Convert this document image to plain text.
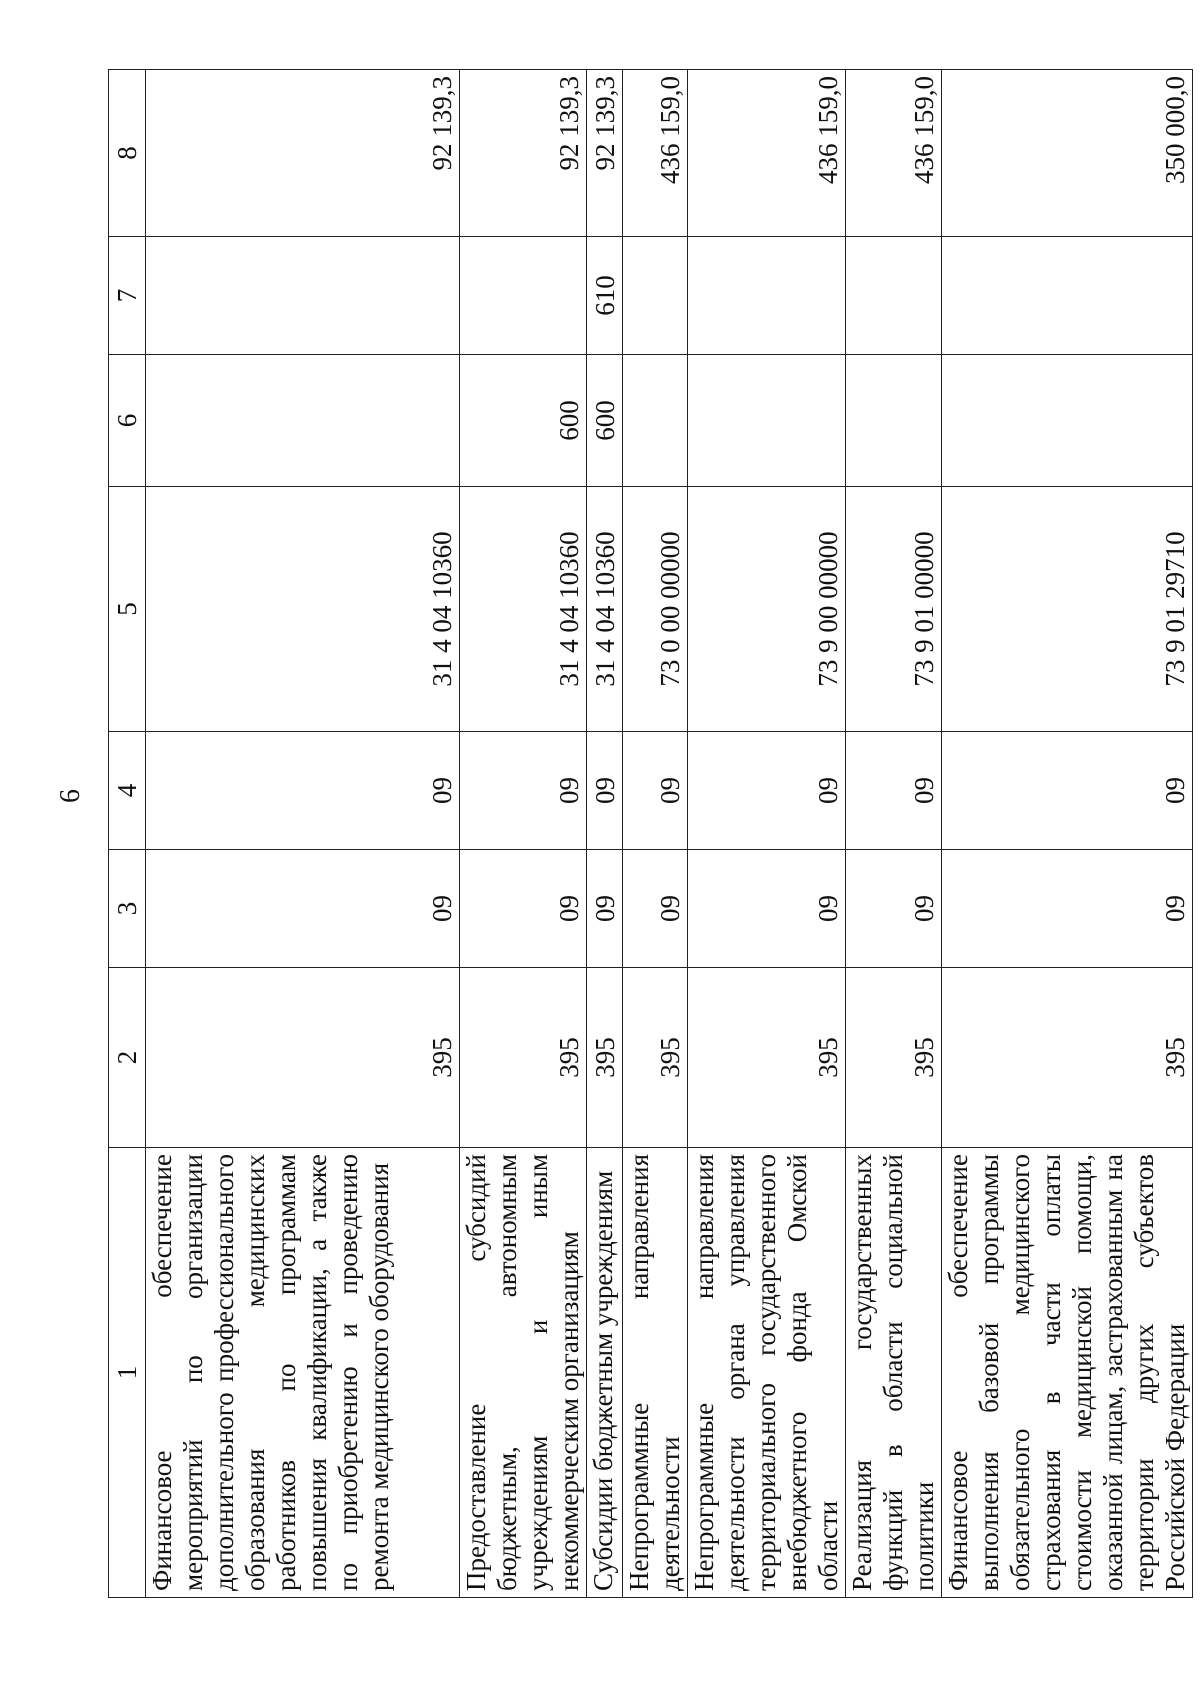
6
1	2	3	4	5	6	7	8
Финансовое обеспечение мероприятий по организации дополнительного профессионального образования медицинских работников по программам повышения квалификации, а также по приобретению и проведению ремонта медицинского оборудования	395	09	09	31 4 04 10360			92 139,3
Предоставление субсидий бюджетным, автономным учреждениям и иным некоммерческим организациям	395	09	09	31 4 04 10360	600		92 139,3
Субсидии бюджетным учреждениям	395	09	09	31 4 04 10360	600	610	92 139,3
Непрограммные направления деятельности	395	09	09	73 0 00 00000			436 159,0
Непрограммные направления деятельности органа управления территориального государственного внебюджетного фонда Омской области	395	09	09	73 9 00 00000			436 159,0
Реализация государственных функций в области социальной политики	395	09	09	73 9 01 00000			436 159,0
Финансовое обеспечение выполнения базовой программы обязательного медицинского страхования в части оплаты стоимости медицинской помощи, оказанной лицам, застрахованным на территории других субъектов Российской Федерации	395	09	09	73 9 01 29710			350 000,0
